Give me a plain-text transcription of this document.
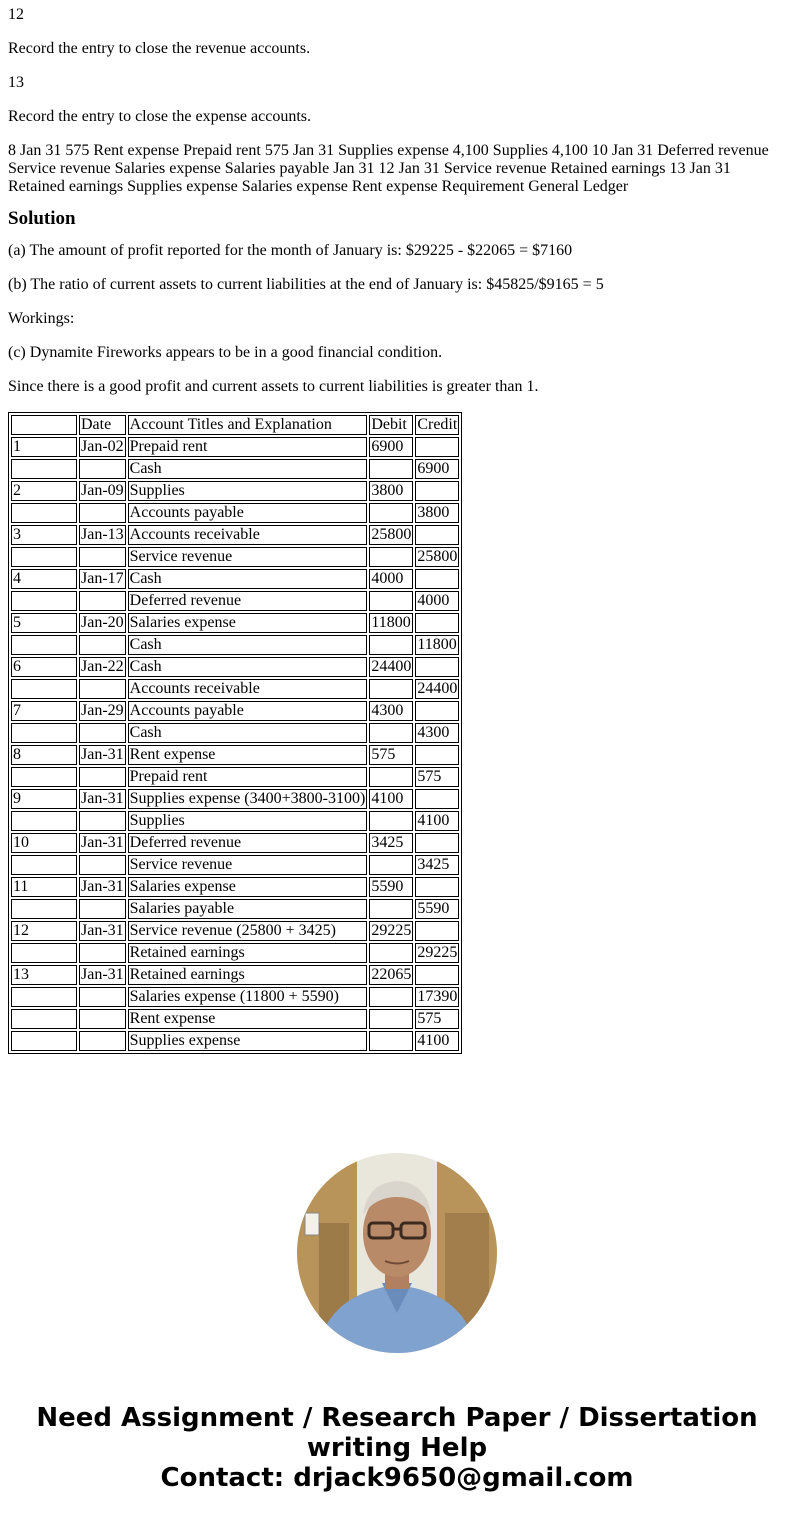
12

Record the entry to close the revenue accounts.

13

Record the entry to close the expense accounts.

8 Jan 31 575 Rent expense Prepaid rent 575 Jan 31 Supplies expense 4,100 Supplies 4,100 10 Jan 31 Deferred revenue Service revenue Salaries expense Salaries payable Jan 31 12 Jan 31 Service revenue Retained earnings 13 Jan 31 Retained earnings Supplies expense Salaries expense Rent expense Requirement General Ledger

Solution

(a) The amount of profit reported for the month of January is: $29225 - $22065 = $7160

(b) The ratio of current assets to current liabilities at the end of January is: $45825/$9165 = 5

Workings:

(c) Dynamite Fireworks appears to be in a good financial condition.

Since there is a good profit and current assets to current liabilities is greater than 1.

	Date	Account Titles and Explanation	Debit	Credit
1	Jan-02	Prepaid rent	6900	
		Cash		6900
2	Jan-09	Supplies	3800	
		Accounts payable		3800
3	Jan-13	Accounts receivable	25800	
		Service revenue		25800
4	Jan-17	Cash	4000	
		Deferred revenue		4000
5	Jan-20	Salaries expense	11800	
		Cash		11800
6	Jan-22	Cash	24400	
		Accounts receivable		24400
7	Jan-29	Accounts payable	4300	
		Cash		4300
8	Jan-31	Rent expense	575	
		Prepaid rent		575
9	Jan-31	Supplies expense (3400+3800-3100)	4100	
		Supplies		4100
10	Jan-31	Deferred revenue	3425	
		Service revenue		3425
11	Jan-31	Salaries expense	5590	
		Salaries payable		5590
12	Jan-31	Service revenue (25800 + 3425)	29225	
		Retained earnings		29225
13	Jan-31	Retained earnings	22065	
		Salaries expense (11800 + 5590)		17390
		Rent expense		575
		Supplies expense		4100
Need Assignment / Research Paper / Dissertation
writing Help
Contact: drjack9650@gmail.com
